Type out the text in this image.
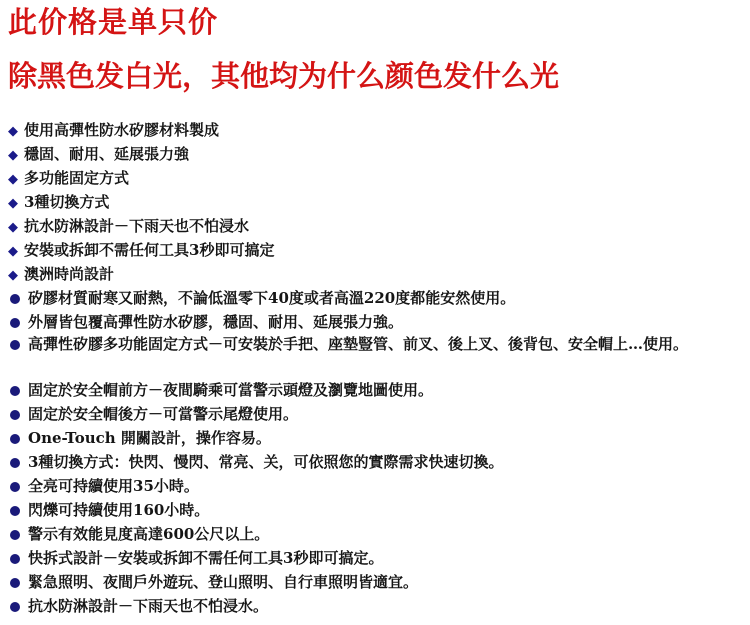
此价格是单只价
除黑色发白光，其他均为什么颜色发什么光
◆ 使用高彈性防水矽膠材料製成
◆ 穩固、耐用、延展張力強
◆ 多功能固定方式
◆ 3種切換方式
◆ 抗水防淋設計－下雨天也不怕浸水
◆ 安裝或拆卸不需任何工具3秒即可搞定
◆ 澳洲時尚設計
矽膠材質耐寒又耐熱，不論低溫零下40度或者高溫220度都能安然使用。
外層皆包覆高彈性防水矽膠，穩固、耐用、延展張力強。
高彈性矽膠多功能固定方式－可安裝於手把、座墊豎管、前叉、後上叉、後背包、安全帽上…使用。
固定於安全帽前方－夜間騎乘可當警示頭燈及瀏覽地圖使用。
固定於安全帽後方－可當警示尾燈使用。
One-Touch 開關設計，操作容易。
3種切換方式：快閃、慢閃、常亮、关，可依照您的實際需求快速切換。
全亮可持續使用35小時。
閃爍可持續使用160小時。
警示有效能見度高達600公尺以上。
快拆式設計－安裝或拆卸不需任何工具3秒即可搞定。
緊急照明、夜間戶外遊玩、登山照明、自行車照明皆適宜。
抗水防淋設計－下雨天也不怕浸水。
